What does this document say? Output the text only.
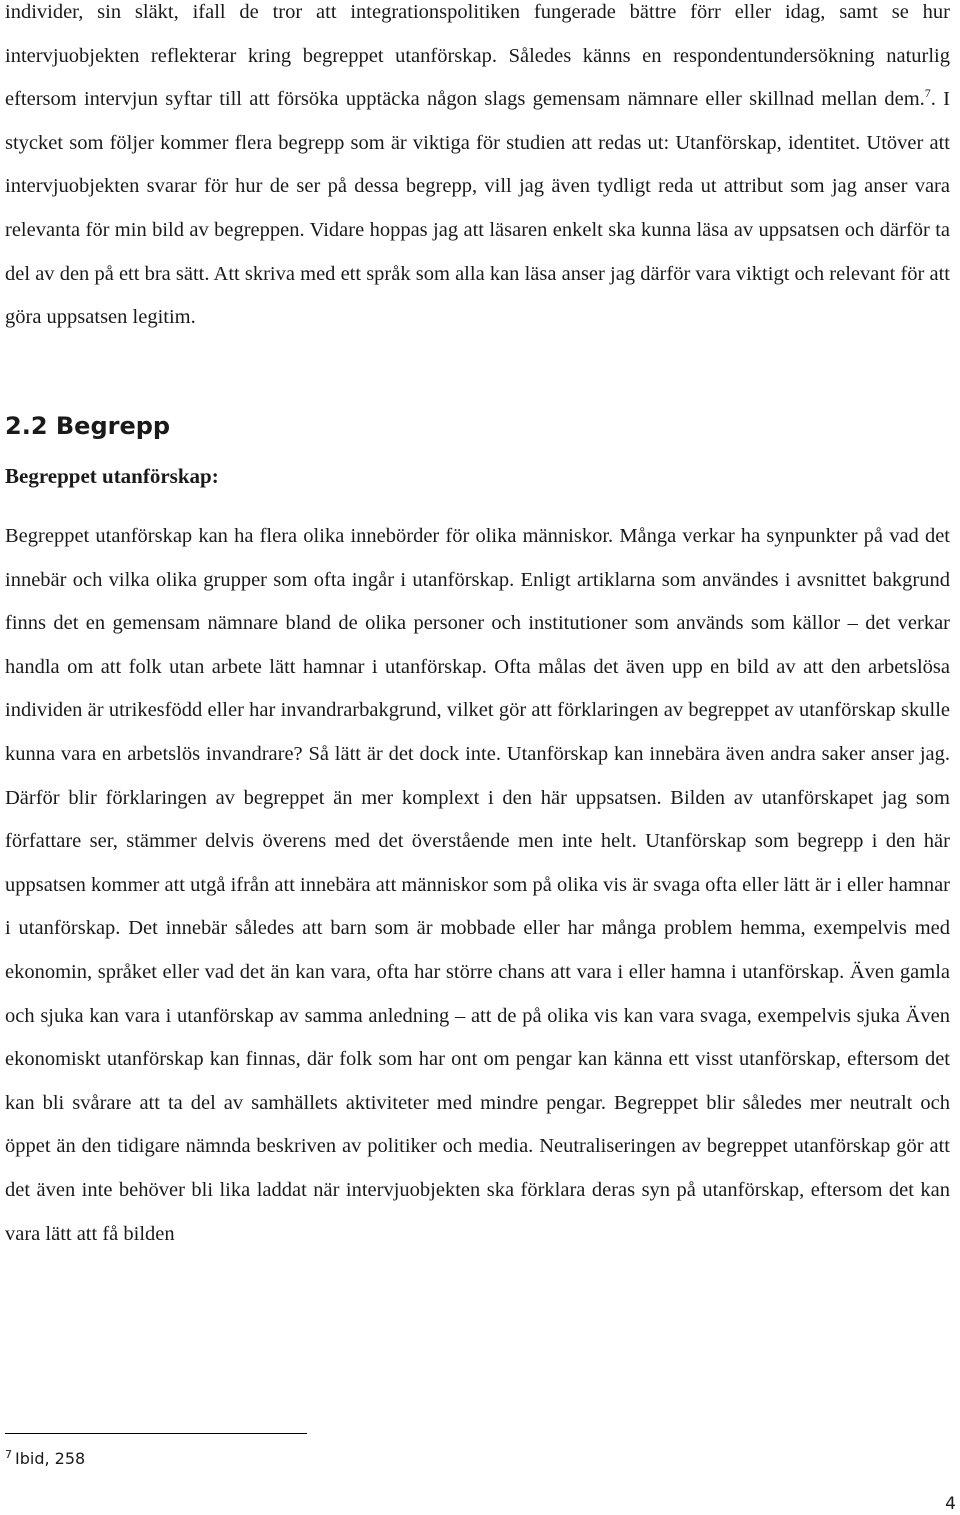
individer, sin släkt, ifall de tror att integrationspolitiken fungerade bättre förr eller idag, samt se hur intervjuobjekten reflekterar kring begreppet utanförskap. Således känns en respondentundersökning naturlig eftersom intervjun syftar till att försöka upptäcka någon slags gemensam nämnare eller skillnad mellan dem.$^7$. I stycket som följer kommer flera begrepp som är viktiga för studien att redas ut: Utanförskap, identitet. Utöver att intervjuobjekten svarar för hur de ser på dessa begrepp, vill jag även tydligt reda ut attribut som jag anser vara relevanta för min bild av begreppen. Vidare hoppas jag att läsaren enkelt ska kunna läsa av uppsatsen och därför ta del av den på ett bra sätt. Att skriva med ett språk som alla kan läsa anser jag därför vara viktigt och relevant för att göra uppsatsen legitim.

2.2 Begrepp
Begreppet utanförskap:

Begreppet utanförskap kan ha flera olika innebörder för olika människor. Många verkar ha synpunkter på vad det innebär och vilka olika grupper som ofta ingår i utanförskap. Enligt artiklarna som användes i avsnittet bakgrund finns det en gemensam nämnare bland de olika personer och institutioner som används som källor – det verkar handla om att folk utan arbete lätt hamnar i utanförskap. Ofta målas det även upp en bild av att den arbetslösa individen är utrikesfödd eller har invandrarbakgrund, vilket gör att förklaringen av begreppet av utanförskap skulle kunna vara en arbetslös invandrare? Så lätt är det dock inte. Utanförskap kan innebära även andra saker anser jag. Därför blir förklaringen av begreppet än mer komplext i den här uppsatsen. Bilden av utanförskapet jag som författare ser, stämmer delvis överens med det överstående men inte helt. Utanförskap som begrepp i den här uppsatsen kommer att utgå ifrån att innebära att människor som på olika vis är svaga ofta eller lätt är i eller hamnar i utanförskap. Det innebär således att barn som är mobbade eller har många problem hemma, exempelvis med ekonomin, språket eller vad det än kan vara, ofta har större chans att vara i eller hamna i utanförskap. Även gamla och sjuka kan vara i utanförskap av samma anledning – att de på olika vis kan vara svaga, exempelvis sjuka Även ekonomiskt utanförskap kan finnas, där folk som har ont om pengar kan känna ett visst utanförskap, eftersom det kan bli svårare att ta del av samhällets aktiviteter med mindre pengar. Begreppet blir således mer neutralt och öppet än den tidigare nämnda beskriven av politiker och media. Neutraliseringen av begreppet utanförskap gör att det även inte behöver bli lika laddat när intervjuobjekten ska förklara deras syn på utanförskap, eftersom det kan vara lätt att få bilden

$^7$ Ibid, 258

4
